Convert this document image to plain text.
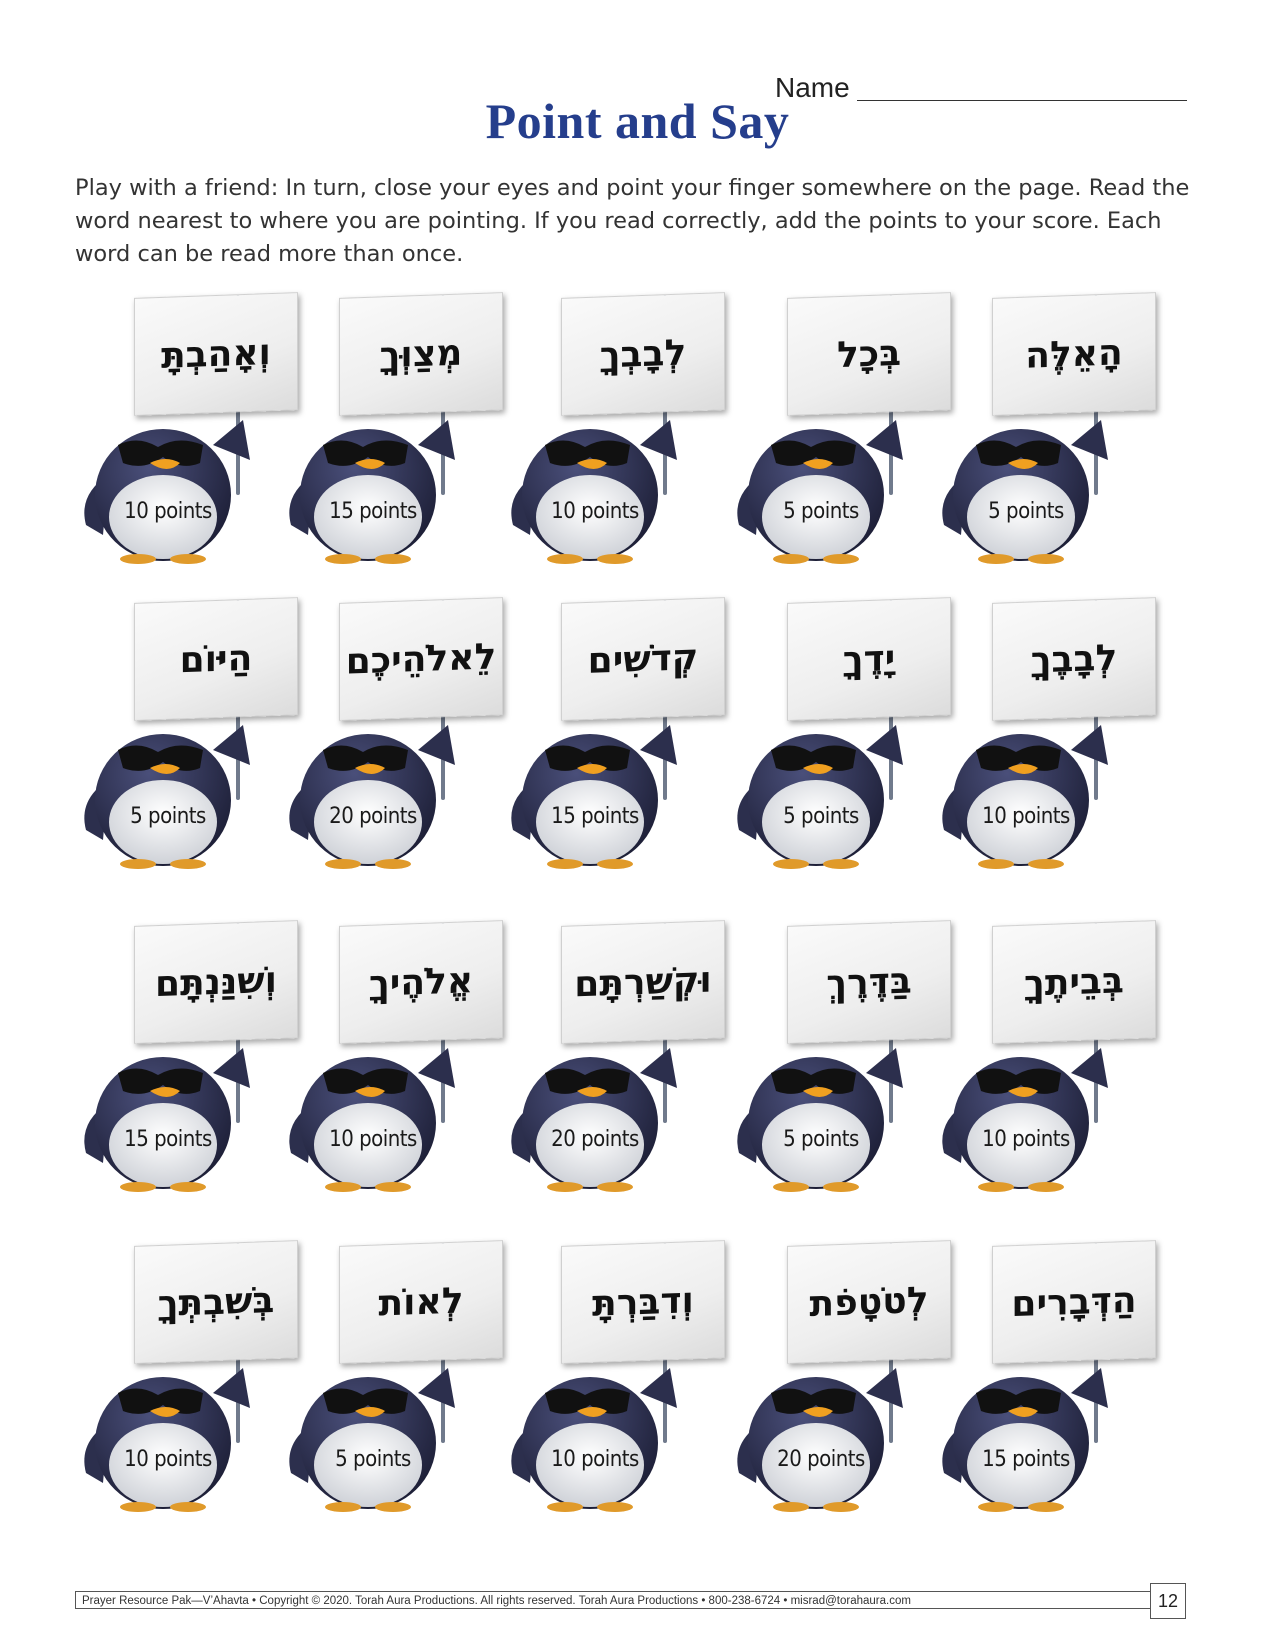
Name
Point and Say

Play with a friend: In turn, close your eyes and point your finger somewhere on the page. Read the word nearest to where you are pointing. If you read correctly, add the points to your score. Each word can be read more than once.

וְאָהַבְתָּ
10 points
מְצַוְּךָ
15 points
לְבָבְךָ
10 points
בְּכָל
5 points
הָאֵלֶּה
5 points
הַיּוֹם
5 points
לֵאלֹהֵיכֶם
20 points
קְדֹשִׁים
15 points
יָדֶךָ
5 points
לְבָבֶךָ
10 points
וְשִׁנַּנְתָּם
15 points
אֱלֹהֶיךָ
10 points
וּקְשַׁרְתָּם
20 points
בַּדֶּרֶךְ
5 points
בְּבֵיתֶךָ
10 points
בְּשִׁבְתְּךָ
10 points
לְאוֹת
5 points
וְדִבַּרְתָּ
10 points
לְטֹטָפֹת
20 points
הַדְּבָרִים
15 points
Prayer Resource Pak—V’Ahavta • Copyright © 2020. Torah Aura Productions. All rights reserved. Torah Aura Productions • 800-238-6724 • misrad@torahaura.com	12
